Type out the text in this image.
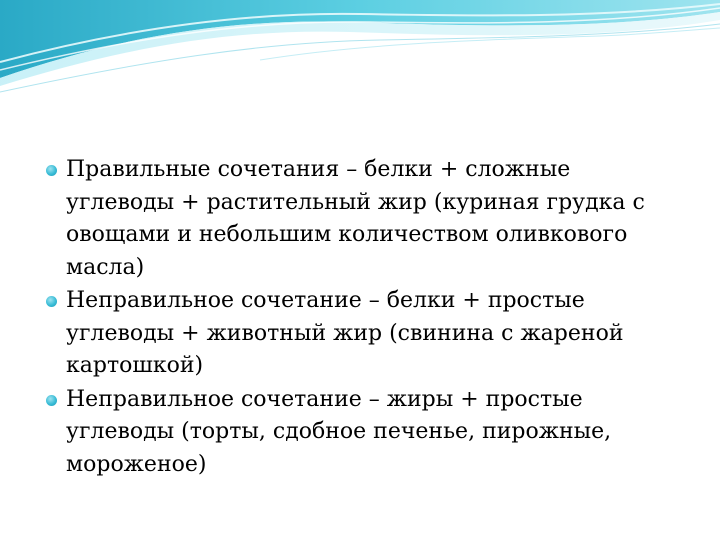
Правильные сочетания – белки + сложные углеводы + растительный жир (куриная грудка с овощами и небольшим количеством оливкового масла)
Неправильное сочетание – белки + простые углеводы + животный жир (свинина с жареной картошкой)
Неправильное сочетание – жиры + простые углеводы (торты, сдобное печенье, пирожные, мороженое)
